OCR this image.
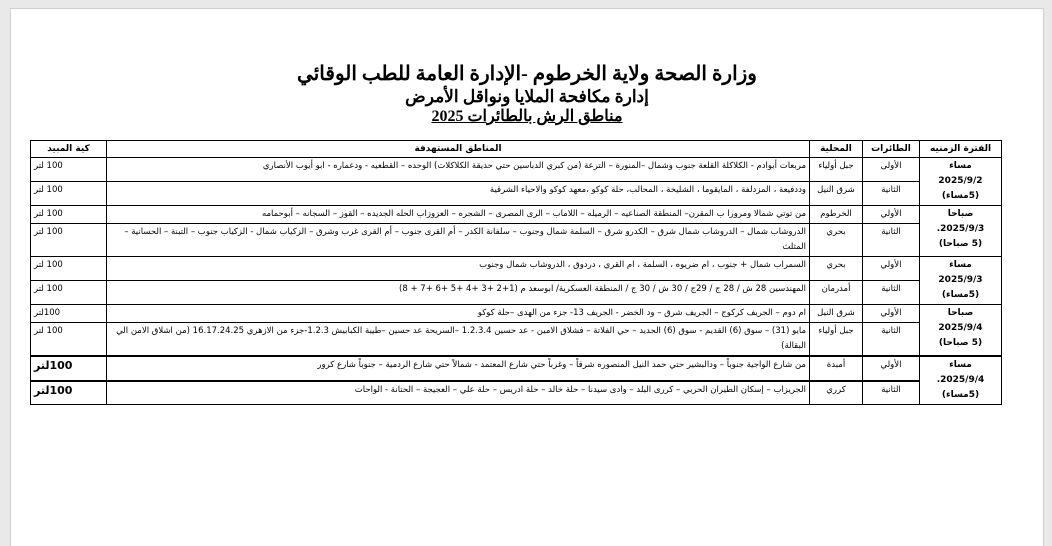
وزارة الصحة ولاية الخرطوم -الإدارة العامة للطب الوقائي
إدارة مكافحة الملايا ونواقل الأمرض
مناطق الرش بالطائرات 2025
الفترة الزمنيه	الطائرات	المحلية	المناطق المستهدفة	كية المبيد

مساء
2025/9/2
(5مساء)	الأولى	جبل أولياء	مربعات أبوادم - الكلاكلة القلعة جنوب وشمال –المنورة – الترعة (من كبري الدباسين حتي حديقة الكلاكلات) الوحده – القطعيه - ودعماره - ابو أيوب الأنصاري	100 لتر
	الثانية	شرق النيل	وددفيعة ، المزدلفة ، المايقوما ، الشليخة ، المحالب، حلة كوكو ،معهد كوكو والاحياء الشرقية	100 لتر

صباحا
2025/9/3.
(5 صباحا)	الأولي	الخرطوم	من توتي شمالا ومرورا ب المقرن– المنطقة الصناعيه – الرميله – اللاماب – الرى المصرى – الشجره – العزوزاب الحله الجديده – القوز – السجانه – أبوحمامه	100 لتر
	الثانية	بحري	الدروشاب شمال – الدروشاب شمال شرق – الكدرو شرق – السلمة شمال وجنوب – سلفانة الكدر – أم القرى جنوب – أم القرى غرب وشرق – الزكياب شمال - الزكياب جنوب – التبنة – الحسانية – المثلث	100 لتر

مساء
2025/9/3
(5مساء)	الأولي	بحري	السمراب شمال + جنوب ، ام ضريوه ، السلمة ، ام القري ، دردوق ، الدروشاب شمال وجنوب	100 لتر
	الثانية	أمدرمان	المهندسين 28 ش / 28 ج / 29ج / 30 ش / 30 ج / المنطقة العسكرية/ ابوسعد م (1+2 +3 +4 +5 +6 +7 + 8)	100 لتر

صباحا
2025/9/4
(5 صباحا)	الأولي	شرق النيل	ام دوم – الجريف كركوج – الجريف شرق – ود الخضر - الجريف 13- جزء من الهدى –حلة كوكو	100لتر
	الثانية	جبل أولياء	مايو (31) – سوق (6) القديم - سوق (6) الجديد – حي الفلاتة – فشلاق الامين - عد حسين 1.2.3.4 –السريحة عد حسين –طيبة الكبابيش 1.2.3-جزء من الازهري 16.17.24.25 (من اشلاق الامن الي البقالة)	100 لتر

مساء
2025/9/4.
(5مساء)	الأولي	أمبدة	من شارع الواجية جنوباً – ودالبشير حتي حمد النيل المنصوره شرقاً – وغرباً حتي شارع المعتمد - شمالاً حتي شارع الردمية – جنوباً شارع كرور	100لتر
	الثانية	كرري	الجريزاب – إسكان الطيران الحربي – كررى البلد – وادى سيدنا – حلة خالد – حلة ادريس – حلة علي – العجيجة – الحتانة - الواحات	100لتر
